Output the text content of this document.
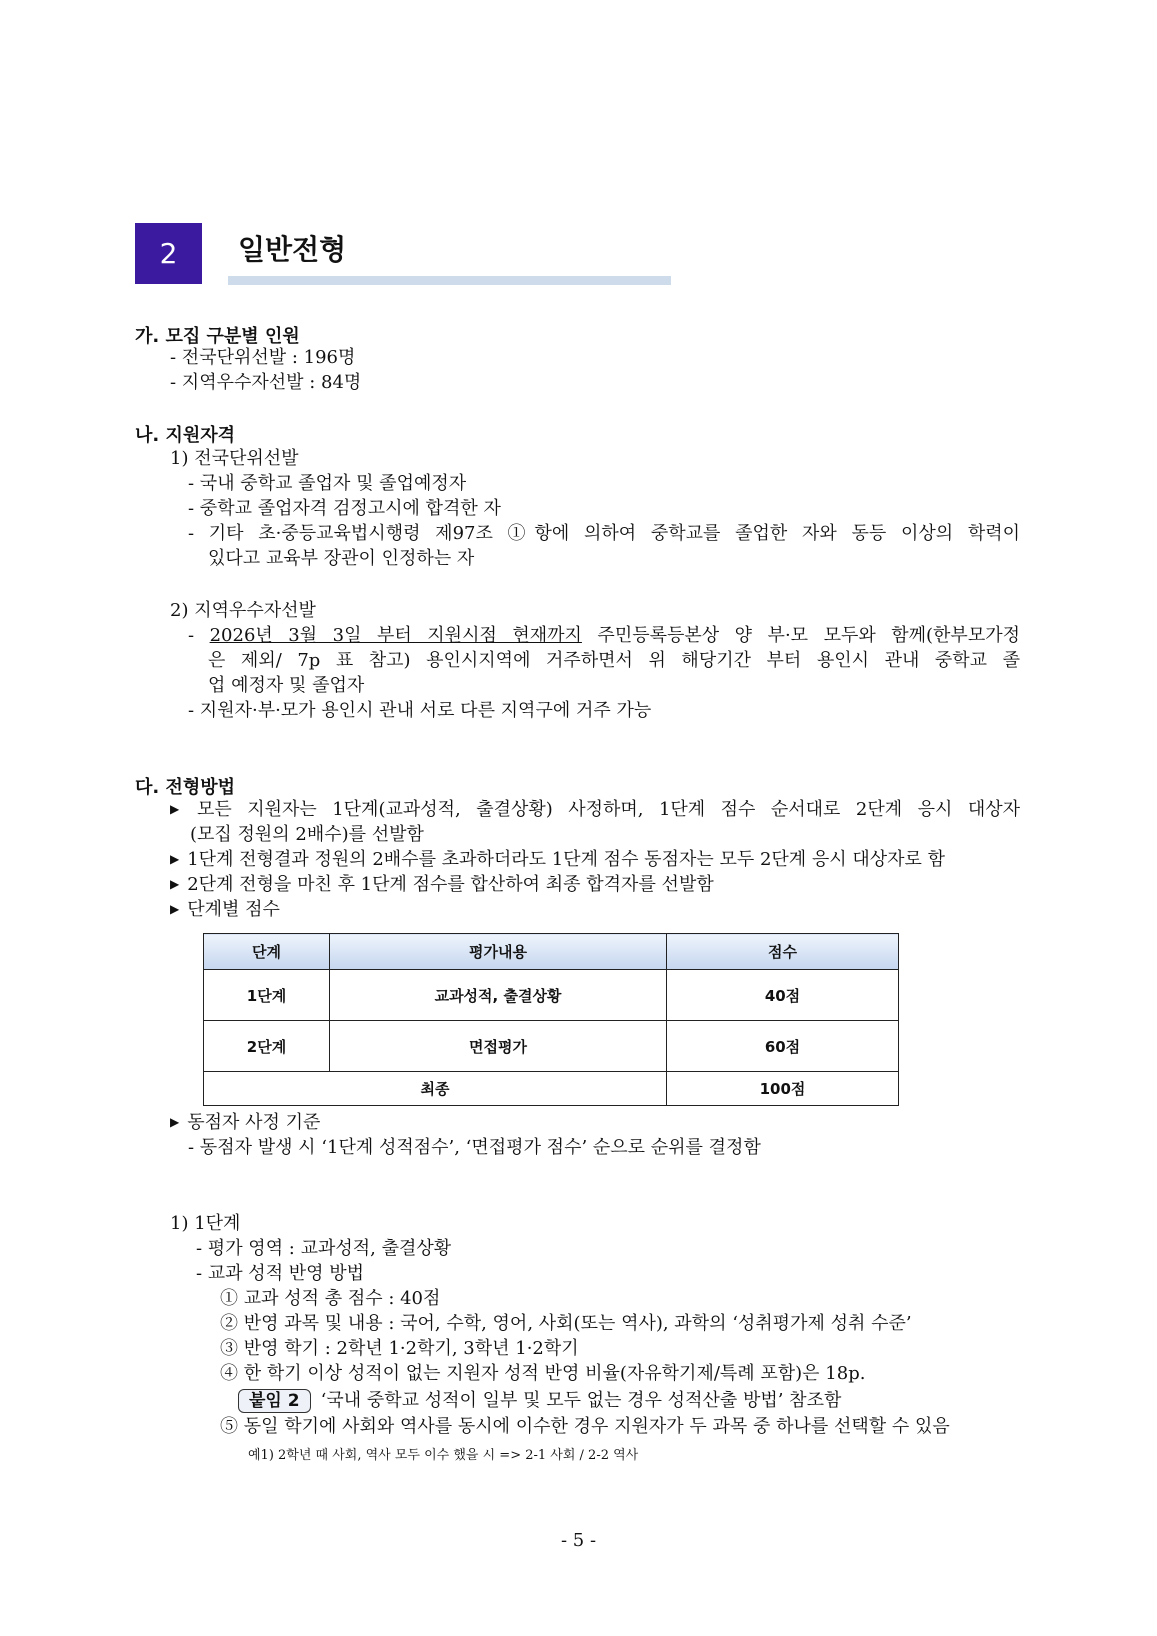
2	일반전형
가. 모집 구분별 인원
- 전국단위선발 : 196명
- 지역우수자선발 : 84명
나. 지원자격
1) 전국단위선발
- 국내 중학교 졸업자 및 졸업예정자
- 중학교 졸업자격 검정고시에 합격한 자
- 기타 초·중등교육법시행령 제97조 ①항에 의하여 중학교를 졸업한 자와 동등 이상의 학력이
있다고 교육부 장관이 인정하는 자
2) 지역우수자선발
- 2026년 3월 3일 부터 지원시점 현재까지 주민등록등본상 양 부·모 모두와 함께(한부모가정
은 제외/ 7p 표 참고) 용인시지역에 거주하면서 위 해당기간 부터 용인시 관내 중학교 졸
업 예정자 및 졸업자
- 지원자·부·모가 용인시 관내 서로 다른 지역구에 거주 가능
다. 전형방법
▶ 모든 지원자는 1단계(교과성적, 출결상황) 사정하며, 1단계 점수 순서대로 2단계 응시 대상자
(모집 정원의 2배수)를 선발함
▶ 1단계 전형결과 정원의 2배수를 초과하더라도 1단계 점수 동점자는 모두 2단계 응시 대상자로 함
▶ 2단계 전형을 마친 후 1단계 점수를 합산하여 최종 합격자를 선발함
▶ 단계별 점수
단계	평가내용	점수
1단계	교과성적, 출결상황	40점
2단계	면접평가	60점
최종		100점
▶ 동점자 사정 기준
- 동점자 발생 시 ‘1단계 성적점수’, ‘면접평가 점수’ 순으로 순위를 결정함
1) 1단계
- 평가 영역 : 교과성적, 출결상황
- 교과 성적 반영 방법
① 교과 성적 총 점수 : 40점
② 반영 과목 및 내용 : 국어, 수학, 영어, 사회(또는 역사), 과학의 ‘성취평가제 성취 수준’
③ 반영 학기 : 2학년 1·2학기, 3학년 1·2학기
④ 한 학기 이상 성적이 없는 지원자 성적 반영 비율(자유학기제/특례 포함)은 18p.
붙임 2 ‘국내 중학교 성적이 일부 및 모두 없는 경우 성적산출 방법’ 참조함
⑤ 동일 학기에 사회와 역사를 동시에 이수한 경우 지원자가 두 과목 중 하나를 선택할 수 있음
예1) 2학년 때 사회, 역사 모두 이수 했을 시 => 2-1 사회 / 2-2 역사
- 5 -
